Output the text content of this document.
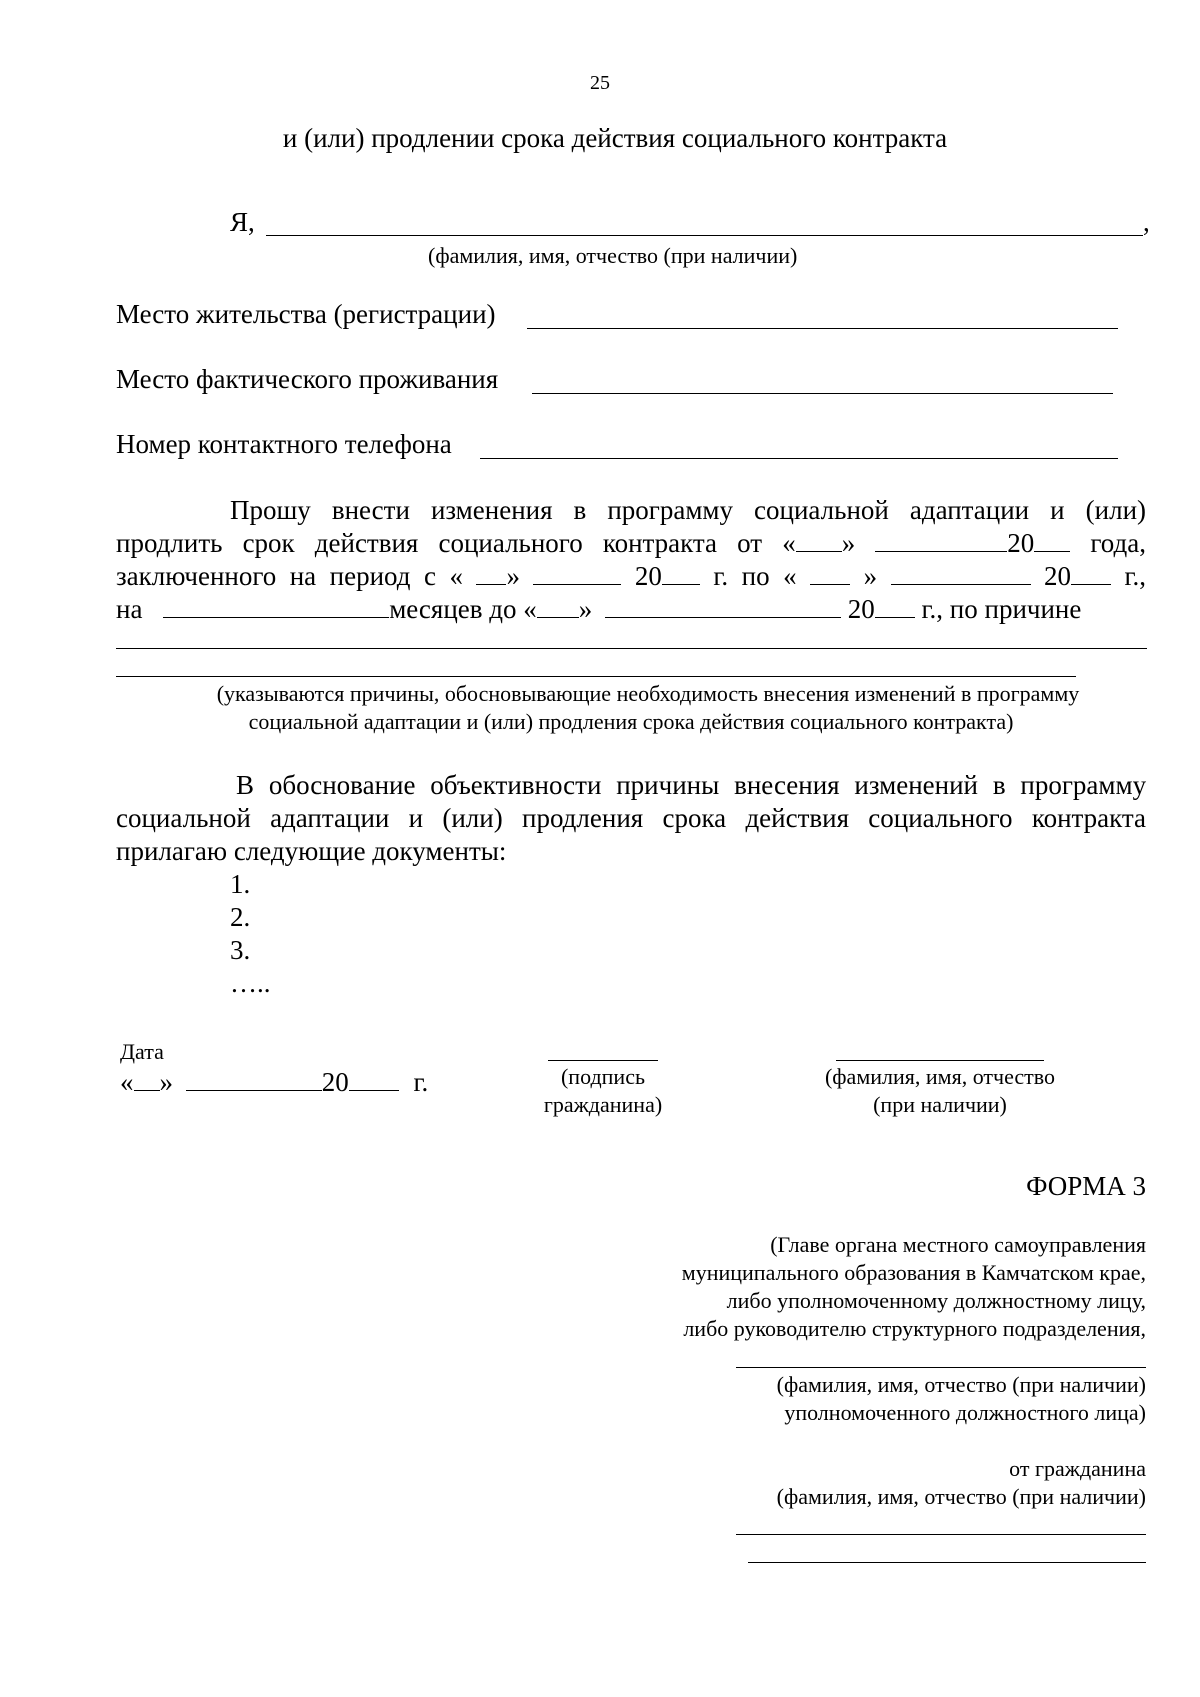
25
и (или) продлении срока действия социального контракта
Я,	,
(фамилия, имя, отчество (при наличии)
Место жительства (регистрации)
Место фактического проживания
Номер контактного телефона
Прошу внести изменения в программу социальной адаптации и (или)
продлить срок действия социального контракта от « »	20 года,
заключенного на период с « »	20 г. по « »	20 г.,
на	месяцев до « »	20 г., по причине
(указываются причины, обосновывающие необходимость внесения изменений в программу
социальной адаптации и (или) продления срока действия социального контракта)
В обоснование объективности причины внесения изменений в программу
социальной адаптации и (или) продления срока действия социального контракта
прилагаю следующие документы:
1.
2.
3.
…..
Дата
« »	20 г.	(подпись
гражданина)
(фамилия, имя, отчество
(при наличии)
ФОРМА 3
(Главе органа местного самоуправления
муниципального образования в Камчатском крае,
либо уполномоченному должностному лицу,
либо руководителю структурного подразделения,
(фамилия, имя, отчество (при наличии)
уполномоченного должностного лица)
от гражданина
(фамилия, имя, отчество (при наличии)
